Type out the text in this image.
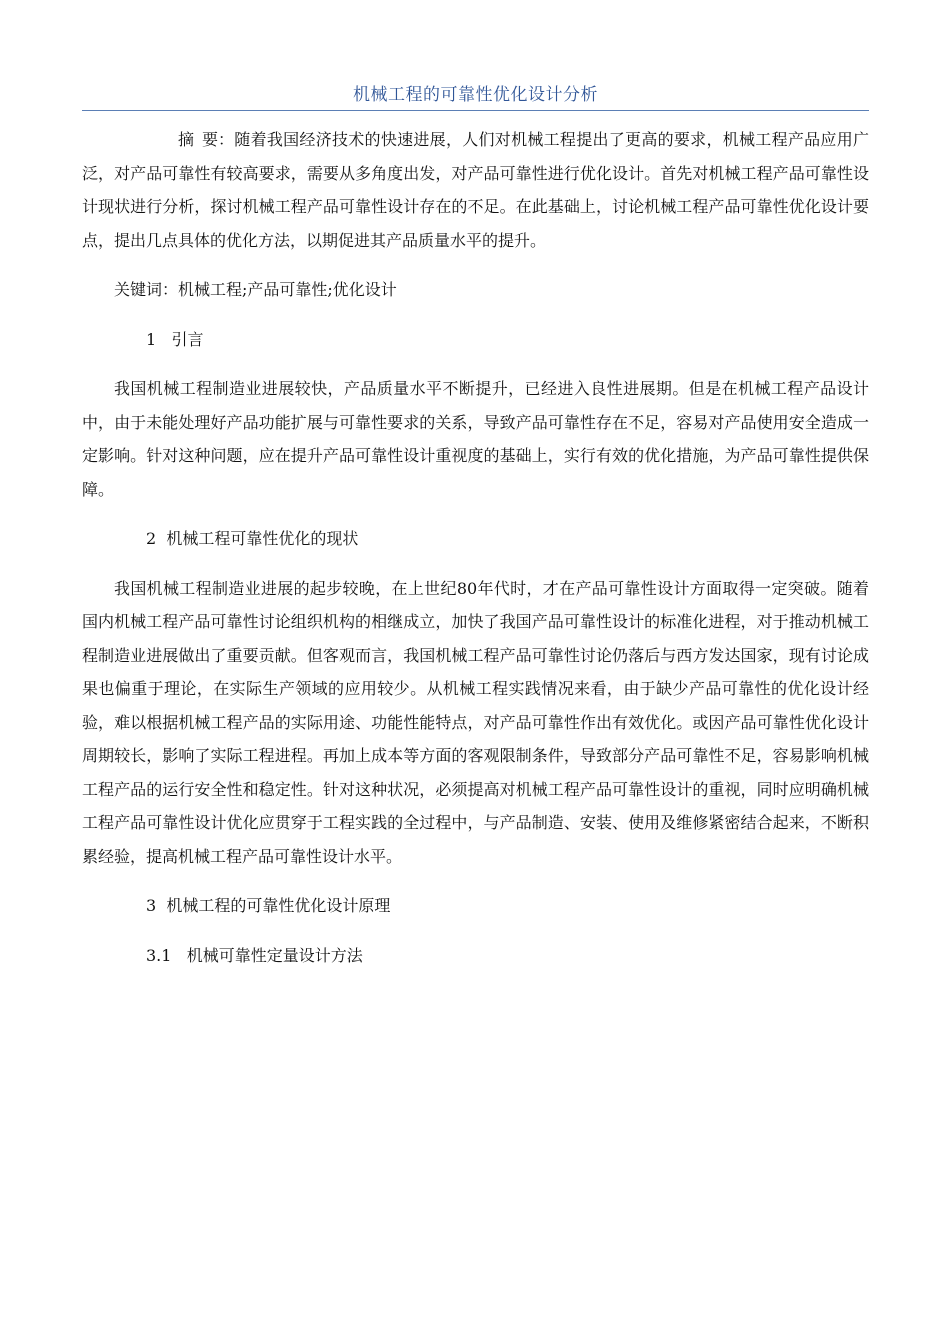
机械工程的可靠性优化设计分析

摘 要：随着我国经济技术的快速进展，人们对机械工程提出了更高的要求，机械工程产品应用广泛，对产品可靠性有较高要求，需要从多角度出发，对产品可靠性进行优化设计。首先对机械工程产品可靠性设计现状进行分析，探讨机械工程产品可靠性设计存在的不足。在此基础上，讨论机械工程产品可靠性优化设计要点，提出几点具体的优化方法，以期促进其产品质量水平的提升。

关键词：机械工程;产品可靠性;优化设计

1 引言

我国机械工程制造业进展较快，产品质量水平不断提升，已经进入良性进展期。但是在机械工程产品设计中，由于未能处理好产品功能扩展与可靠性要求的关系，导致产品可靠性存在不足，容易对产品使用安全造成一定影响。针对这种问题，应在提升产品可靠性设计重视度的基础上，实行有效的优化措施，为产品可靠性提供保障。

2 机械工程可靠性优化的现状

我国机械工程制造业进展的起步较晚，在上世纪80年代时，才在产品可靠性设计方面取得一定突破。随着国内机械工程产品可靠性讨论组织机构的相继成立，加快了我国产品可靠性设计的标准化进程，对于推动机械工程制造业进展做出了重要贡献。但客观而言，我国机械工程产品可靠性讨论仍落后与西方发达国家，现有讨论成果也偏重于理论，在实际生产领域的应用较少。从机械工程实践情况来看，由于缺少产品可靠性的优化设计经验，难以根据机械工程产品的实际用途、功能性能特点，对产品可靠性作出有效优化。或因产品可靠性优化设计周期较长，影响了实际工程进程。再加上成本等方面的客观限制条件，导致部分产品可靠性不足，容易影响机械工程产品的运行安全性和稳定性。针对这种状况，必须提高对机械工程产品可靠性设计的重视，同时应明确机械工程产品可靠性设计优化应贯穿于工程实践的全过程中，与产品制造、安装、使用及维修紧密结合起来，不断积累经验，提高机械工程产品可靠性设计水平。

3 机械工程的可靠性优化设计原理

3.1 机械可靠性定量设计方法
